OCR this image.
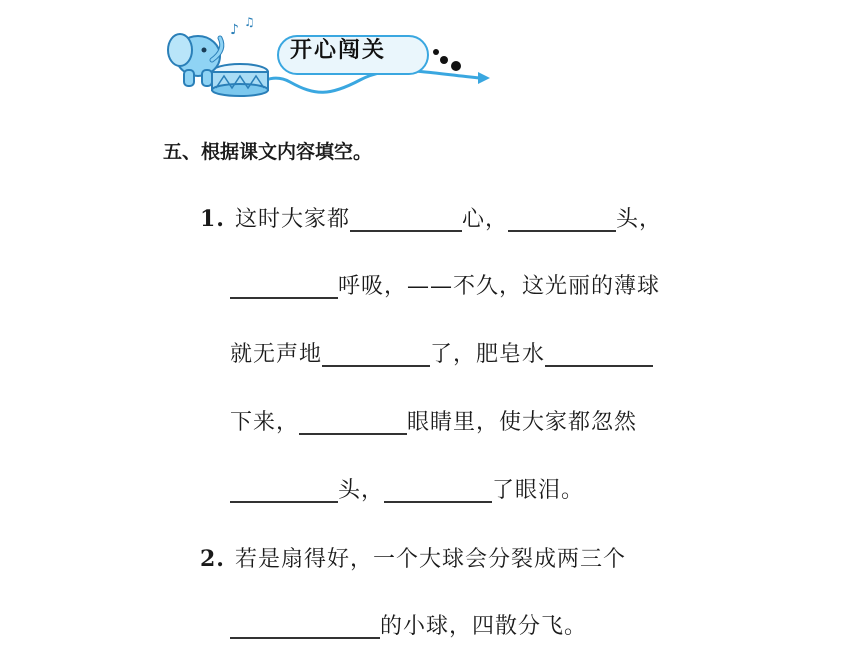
♪ ♫
开心闯关
五、根据课文内容填空。
1. 这时大家都	心，	头，
呼吸，——不久，这光丽的薄球
就无声地	了，肥皂水
下来，	眼睛里，使大家都忽然
头，	了眼泪。
2. 若是扇得好，一个大球会分裂成两三个
的小球，四散分飞。
